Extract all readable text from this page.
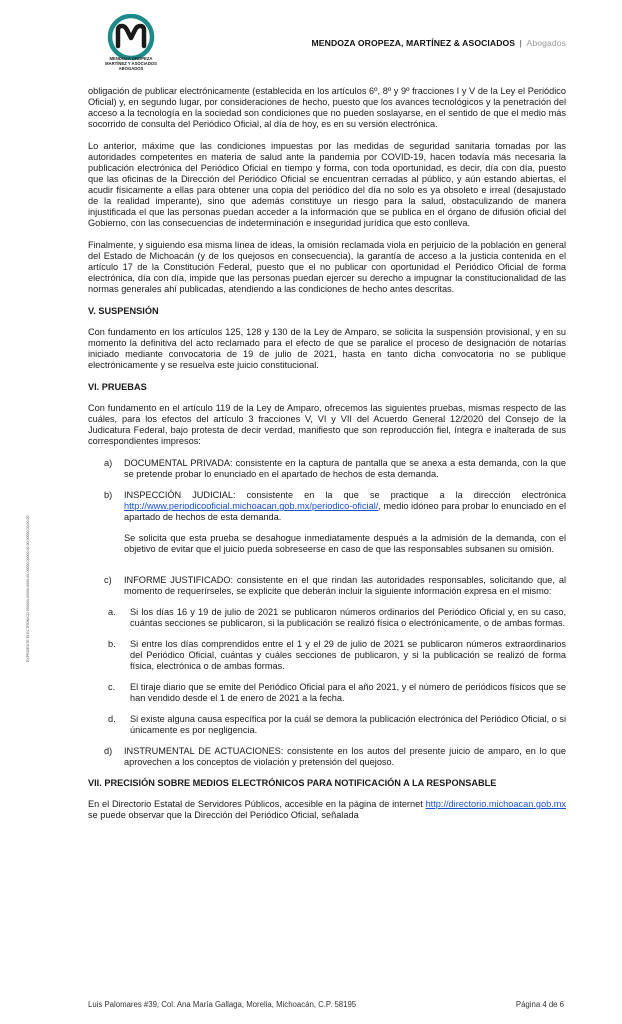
MENDOZA OROPEZA
MARTÍNEZ Y ASOCIADOS
ABOGADOS
MENDOZA OROPEZA, MARTÍNEZ & ASOCIADOS | Abogados
EXPEDIENTE ELECTRÓNICO 000000-00000-0000-00-00000 00000 00 00 00000 00:00:00

obligación de publicar electrónicamente (establecida en los artículos 6º, 8º y 9º fracciones I y V de la Ley el Periódico Oficial) y, en segundo lugar, por consideraciones de hecho, puesto que los avances tecnológicos y la penetración del acceso a la tecnología en la sociedad son condiciones que no pueden soslayarse, en el sentido de que el medio más socorrido de consulta del Periódico Oficial, al día de hoy, es en su versión electrónica.

Lo anterior, máxime que las condiciones impuestas por las medidas de seguridad sanitaria tomadas por las autoridades competentes en materia de salud ante la pandemia por COVID-19, hacen todavía más necesaria la publicación electrónica del Periódico Oficial en tiempo y forma, con toda oportunidad, es decir, día con día, puesto que las oficinas de la Dirección del Periódico Oficial se encuentran cerradas al público, y aún estando abiertas, el acudir físicamente a ellas para obtener una copia del periódico del día no solo es ya obsoleto e irreal (desajustado de la realidad imperante), sino que además constituye un riesgo para la salud, obstaculizando de manera injustificada el que las personas puedan acceder a la información que se publica en el órgano de difusión oficial del Gobierno, con las consecuencias de indeterminación e inseguridad jurídica que esto conlleva.

Finalmente, y siguiendo esa misma línea de ideas, la omisión reclamada viola en perjuicio de la población en general del Estado de Michoacán (y de los quejosos en consecuencia), la garantía de acceso a la justicia contenida en el artículo 17 de la Constitución Federal, puesto que el no publicar con oportunidad el Periódico Oficial de forma electrónica, día con día, impide que las personas puedan ejercer su derecho a impugnar la constitucionalidad de las normas generales ahí publicadas, atendiendo a las condiciones de hecho antes descritas.

V. SUSPENSIÓN

Con fundamento en los artículos 125, 128 y 130 de la Ley de Amparo, se solicita la suspensión provisional, y en su momento la definitiva del acto reclamado para el efecto de que se paralice el proceso de designación de notarías iniciado mediante convocatoria de 19 de julio de 2021, hasta en tanto dicha convocatoria no se publique electrónicamente y se resuelva este juicio constitucional.

VI. PRUEBAS

Con fundamento en el artículo 119 de la Ley de Amparo, ofrecemos las siguientes pruebas, mismas respecto de las cuáles, para los efectos del artículo 3 fracciones V, VI y VII del Acuerdo General 12/2020 del Consejo de la Judicatura Federal, bajo protesta de decir verdad, manifiesto que son reproducción fiel, íntegra e inalterada de sus correspondientes impresos:

a)	DOCUMENTAL PRIVADA: consistente en la captura de pantalla que se anexa a esta demanda, con la que se pretende probar lo enunciado en el apartado de hechos de esta demanda.
b)	INSPECCIÓN JUDICIAL: consistente en la que se practique a la dirección electrónica http://www.periodicooficial.michoacan.gob.mx/periodico-oficial/, medio idóneo para probar lo enunciado en el apartado de hechos de esta demanda.

Se solicita que esta prueba se desahogue inmediatamente después a la admisión de la demanda, con el objetivo de evitar que el juicio pueda sobreseerse en caso de que las responsables subsanen su omisión.

c)	INFORME JUSTIFICADO: consistente en el que rindan las autoridades responsables, solicitando que, al momento de requerírseles, se explicite que deberán incluir la siguiente información expresa en el mismo:
a.	Si los días 16 y 19 de julio de 2021 se publicaron números ordinarios del Periódico Oficial y, en su caso, cuántas secciones se publicaron, si la publicación se realizó física o electrónicamente, o de ambas formas.
b.	Si entre los días comprendidos entre el 1 y el 29 de julio de 2021 se publicaron números extraordinarios del Periódico Oficial, cuántas y cuáles secciones de publicaron, y si la publicación se realizó de forma física, electrónica o de ambas formas.
c.	El tiraje diario que se emite del Periódico Oficial para el año 2021, y el número de periódicos físicos que se han vendido desde el 1 de enero de 2021 a la fecha.
d.	Si existe alguna causa específica por la cuál se demora la publicación electrónica del Periódico Oficial, o si únicamente es por negligencia.
d)	INSTRUMENTAL DE ACTUACIONES: consistente en los autos del presente juicio de amparo, en lo que aprovechen a los conceptos de violación y pretensión del quejoso.
VII. PRECISIÓN SOBRE MEDIOS ELECTRÓNICOS PARA NOTIFICACIÓN A LA RESPONSABLE

En el Directorio Estatal de Servidores Públicos, accesible en la página de internet http://directorio.michoacan.gob.mx se puede observar que la Dirección del Periódico Oficial, señalada

Luis Palomares #39, Col. Ana María Gallaga, Morelia, Michoacán, C.P. 58195	Página 4 de 6
